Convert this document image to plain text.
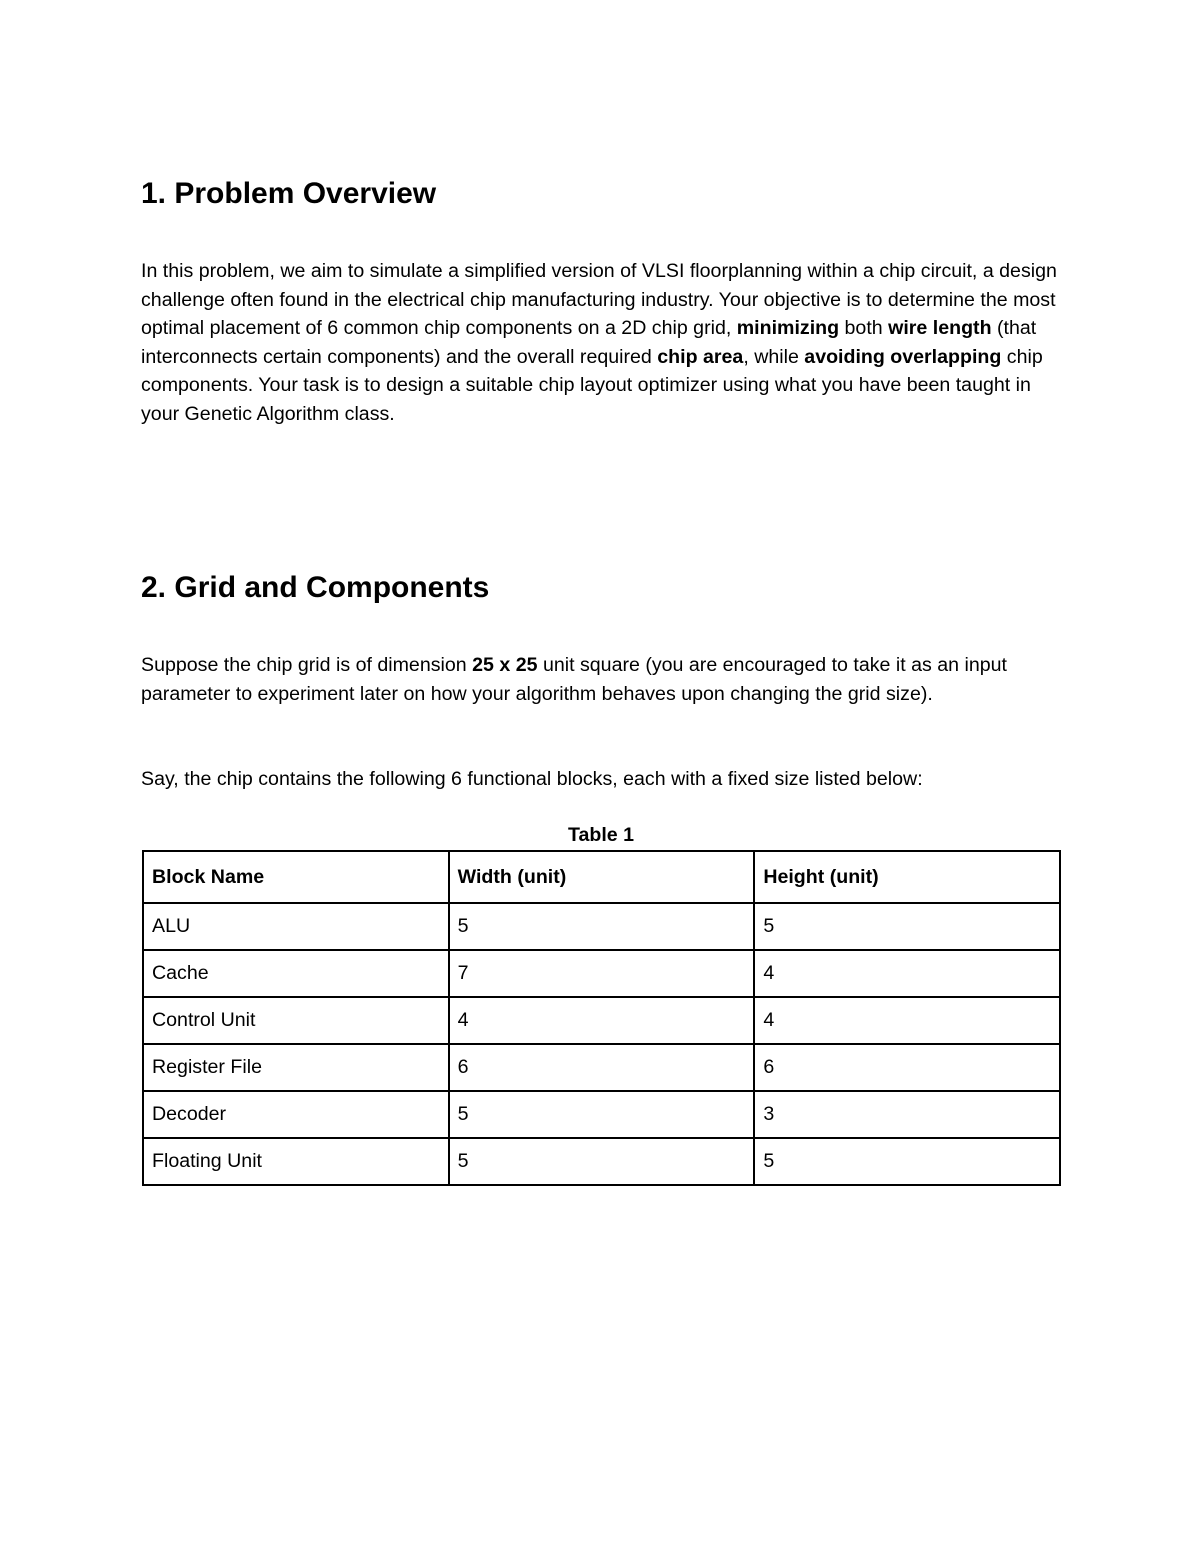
1. Problem Overview

In this problem, we aim to simulate a simplified version of VLSI floorplanning within a chip circuit, a design challenge often found in the electrical chip manufacturing industry. Your objective is to determine the most optimal placement of 6 common chip components on a 2D chip grid, minimizing both wire length (that interconnects certain components) and the overall required chip area, while avoiding overlapping chip components. Your task is to design a suitable chip layout optimizer using what you have been taught in your Genetic Algorithm class.

2. Grid and Components

Suppose the chip grid is of dimension 25 x 25 unit square (you are encouraged to take it as an input parameter to experiment later on how your algorithm behaves upon changing the grid size).

Say, the chip contains the following 6 functional blocks, each with a fixed size listed below:

Table 1
Block Name	Width (unit)	Height (unit)
ALU	5	5
Cache	7	4
Control Unit	4	4
Register File	6	6
Decoder	5	3
Floating Unit	5	5
